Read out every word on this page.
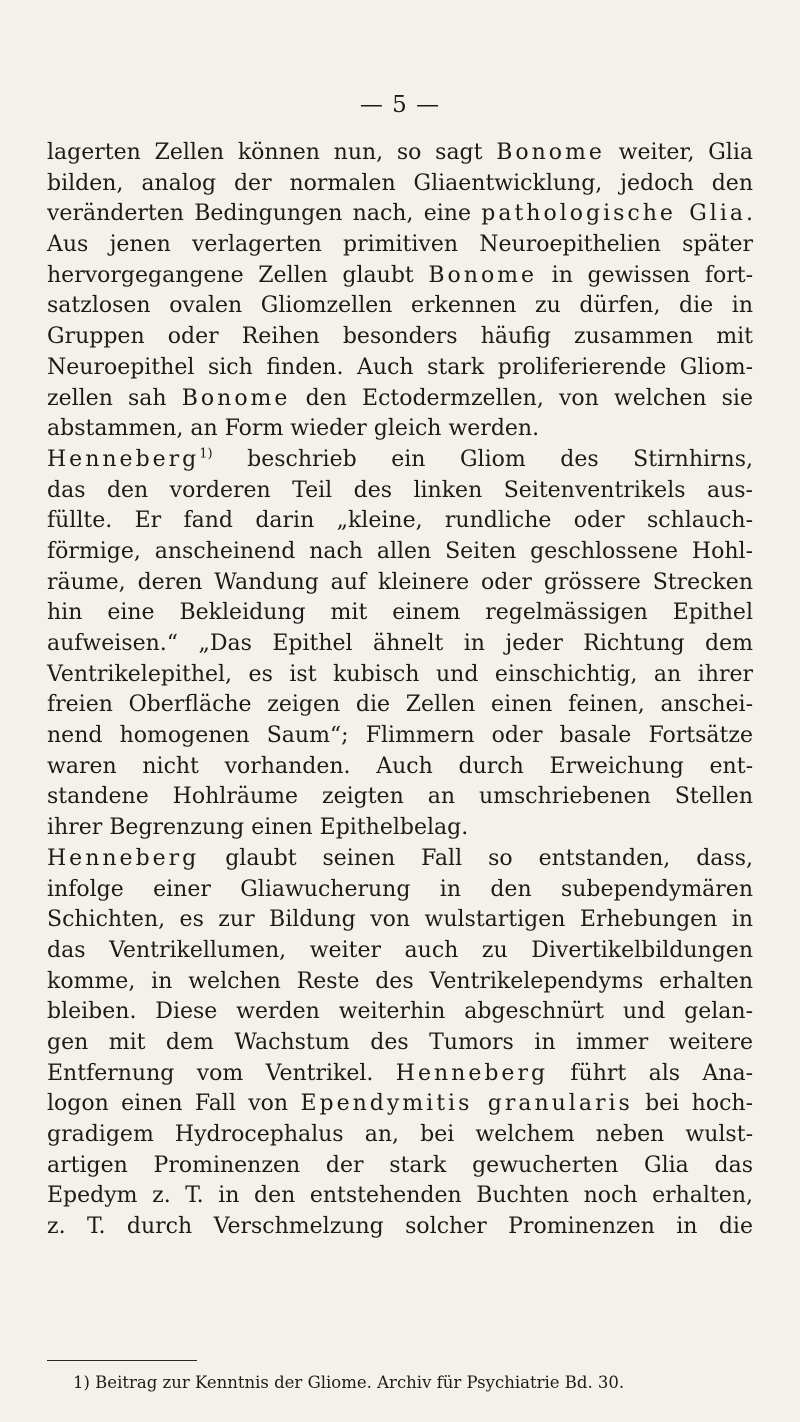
— 5 —
lagerten Zellen können nun, so sagt Bonome weiter, Glia
bilden, analog der normalen Gliaentwicklung, jedoch den
veränderten Bedingungen nach, eine pathologische Glia.
Aus jenen verlagerten primitiven Neuroepithelien später
hervorgegangene Zellen glaubt Bonome in gewissen fort-
satzlosen ovalen Gliomzellen erkennen zu dürfen, die in
Gruppen oder Reihen besonders häufig zusammen mit
Neuroepithel sich finden. Auch stark proliferierende Gliom-
zellen sah Bonome den Ectodermzellen, von welchen sie
abstammen, an Form wieder gleich werden.
Henneberg$^{1)}$ beschrieb ein Gliom des Stirnhirns,
das den vorderen Teil des linken Seitenventrikels aus-
füllte. Er fand darin „kleine, rundliche oder schlauch-
förmige, anscheinend nach allen Seiten geschlossene Hohl-
räume, deren Wandung auf kleinere oder grössere Strecken
hin eine Bekleidung mit einem regelmässigen Epithel
aufweisen.“ „Das Epithel ähnelt in jeder Richtung dem
Ventrikelepithel, es ist kubisch und einschichtig, an ihrer
freien Oberfläche zeigen die Zellen einen feinen, anschei-
nend homogenen Saum“; Flimmern oder basale Fortsätze
waren nicht vorhanden. Auch durch Erweichung ent-
standene Hohlräume zeigten an umschriebenen Stellen
ihrer Begrenzung einen Epithelbelag.
Henneberg glaubt seinen Fall so entstanden, dass,
infolge einer Gliawucherung in den subependymären
Schichten, es zur Bildung von wulstartigen Erhebungen in
das Ventrikellumen, weiter auch zu Divertikelbildungen
komme, in welchen Reste des Ventrikelependyms erhalten
bleiben. Diese werden weiterhin abgeschnürt und gelan-
gen mit dem Wachstum des Tumors in immer weitere
Entfernung vom Ventrikel. Henneberg führt als Ana-
logon einen Fall von Ependymitis granularis bei hoch-
gradigem Hydrocephalus an, bei welchem neben wulst-
artigen Prominenzen der stark gewucherten Glia das
Epedym z. T. in den entstehenden Buchten noch erhalten,
z. T. durch Verschmelzung solcher Prominenzen in die
1) Beitrag zur Kenntnis der Gliome. Archiv für Psychiatrie Bd. 30.
